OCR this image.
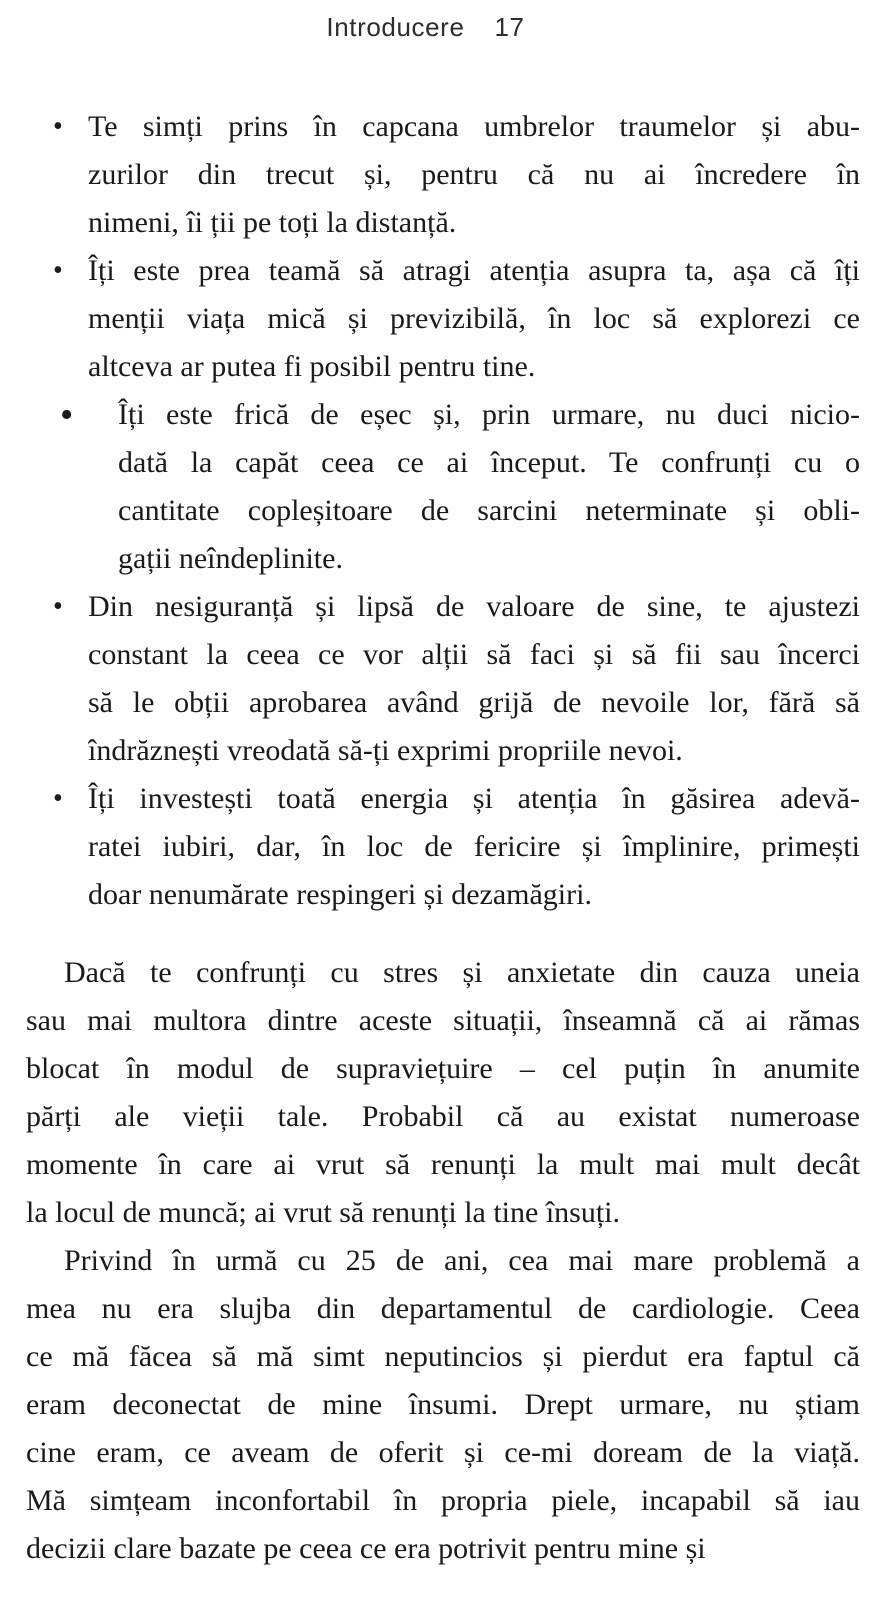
Introducere 17
• Te simți prins în capcana umbrelor traumelor și abu-
zurilor din trecut și, pentru că nu ai încredere în
nimeni, îi ții pe toți la distanță.
• Îți este prea teamă să atragi atenția asupra ta, așa că îți
menții viața mică și previzibilă, în loc să explorezi ce
altceva ar putea fi posibil pentru tine.
• Îți este frică de eșec și, prin urmare, nu duci nicio-
dată la capăt ceea ce ai început. Te confrunți cu o
cantitate copleșitoare de sarcini neterminate și obli-
gații neîndeplinite.
• Din nesiguranță și lipsă de valoare de sine, te ajustezi
constant la ceea ce vor alții să faci și să fii sau încerci
să le obții aprobarea având grijă de nevoile lor, fără să
îndrăznești vreodată să-ți exprimi propriile nevoi.
• Îți investești toată energia și atenția în găsirea adevă-
ratei iubiri, dar, în loc de fericire și împlinire, primești
doar nenumărate respingeri și dezamăgiri.
Dacă te confrunți cu stres și anxietate din cauza uneia
sau mai multora dintre aceste situații, înseamnă că ai rămas
blocat în modul de supraviețuire – cel puțin în anumite
părți ale vieții tale. Probabil că au existat numeroase
momente în care ai vrut să renunți la mult mai mult decât
la locul de muncă; ai vrut să renunți la tine însuți.
Privind în urmă cu 25 de ani, cea mai mare problemă a
mea nu era slujba din departamentul de cardiologie. Ceea
ce mă făcea să mă simt neputincios și pierdut era faptul că
eram deconectat de mine însumi. Drept urmare, nu știam
cine eram, ce aveam de oferit și ce-mi doream de la viață.
Mă simțeam inconfortabil în propria piele, incapabil să iau
decizii clare bazate pe ceea ce era potrivit pentru mine și
